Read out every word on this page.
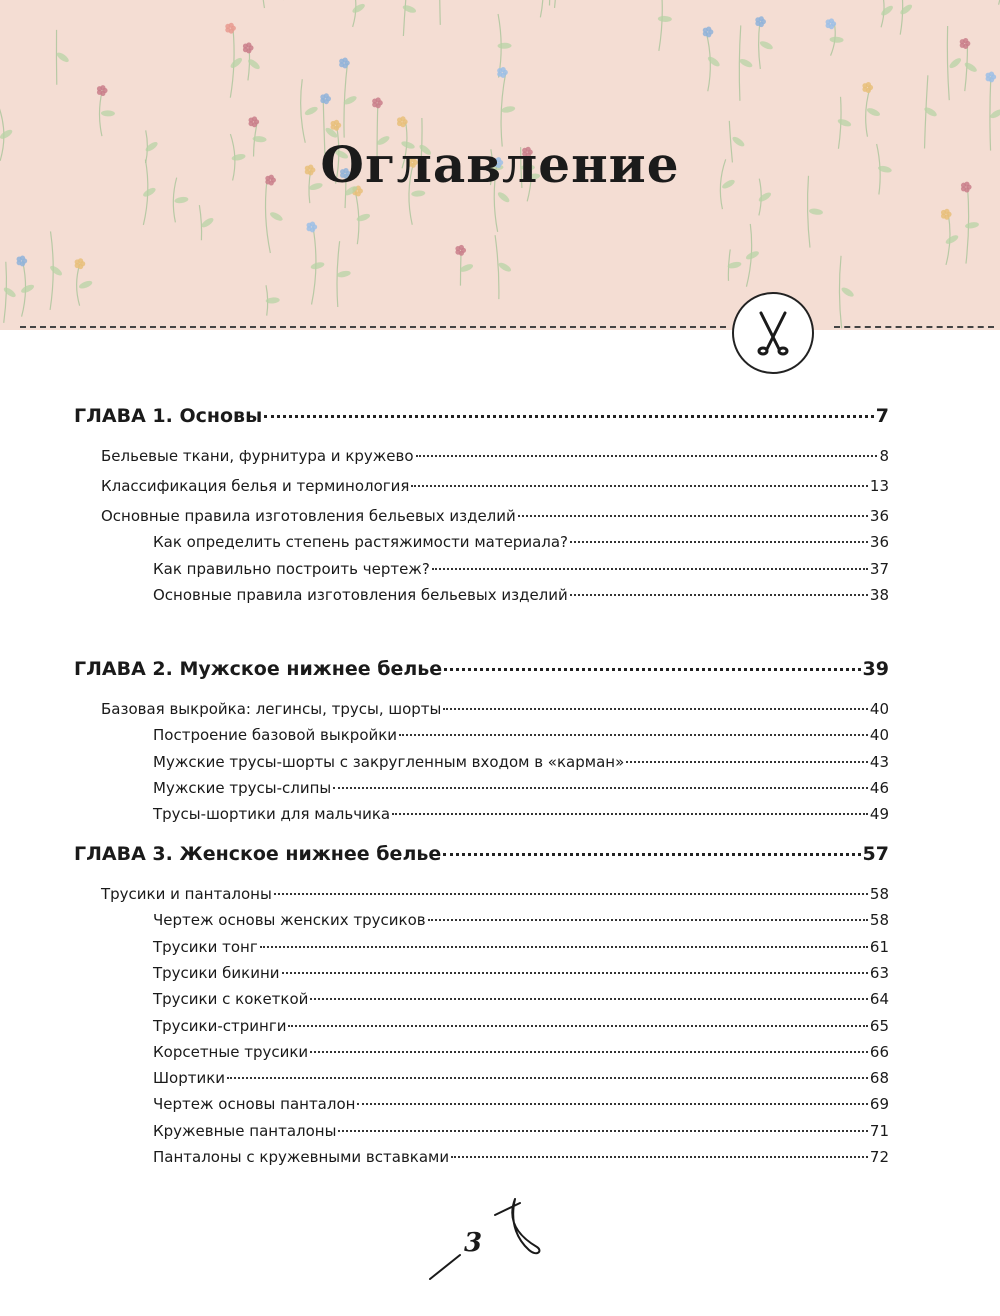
Оглавление
ГЛАВА 1. Основы	7
Бельевые ткани, фурнитура и кружево	8
Классификация белья и терминология	13
Основные правила изготовления бельевых изделий	36
Как определить степень растяжимости материала?	36
Как правильно построить чертеж?	37
Основные правила изготовления бельевых изделий	38
ГЛАВА 2. Мужское нижнее белье	39
Базовая выкройка: легинсы, трусы, шорты	40
Построение базовой выкройки	40
Мужские трусы-шорты с закругленным входом в «карман»	43
Мужские трусы-слипы	46
Трусы-шортики для мальчика	49
ГЛАВА 3. Женское нижнее белье	57
Трусики и панталоны	58
Чертеж основы женских трусиков	58
Трусики тонг	61
Трусики бикини	63
Трусики с кокеткой	64
Трусики-стринги	65
Корсетные трусики	66
Шортики	68
Чертеж основы панталон	69
Кружевные панталоны	71
Панталоны с кружевными вставками	72
3
